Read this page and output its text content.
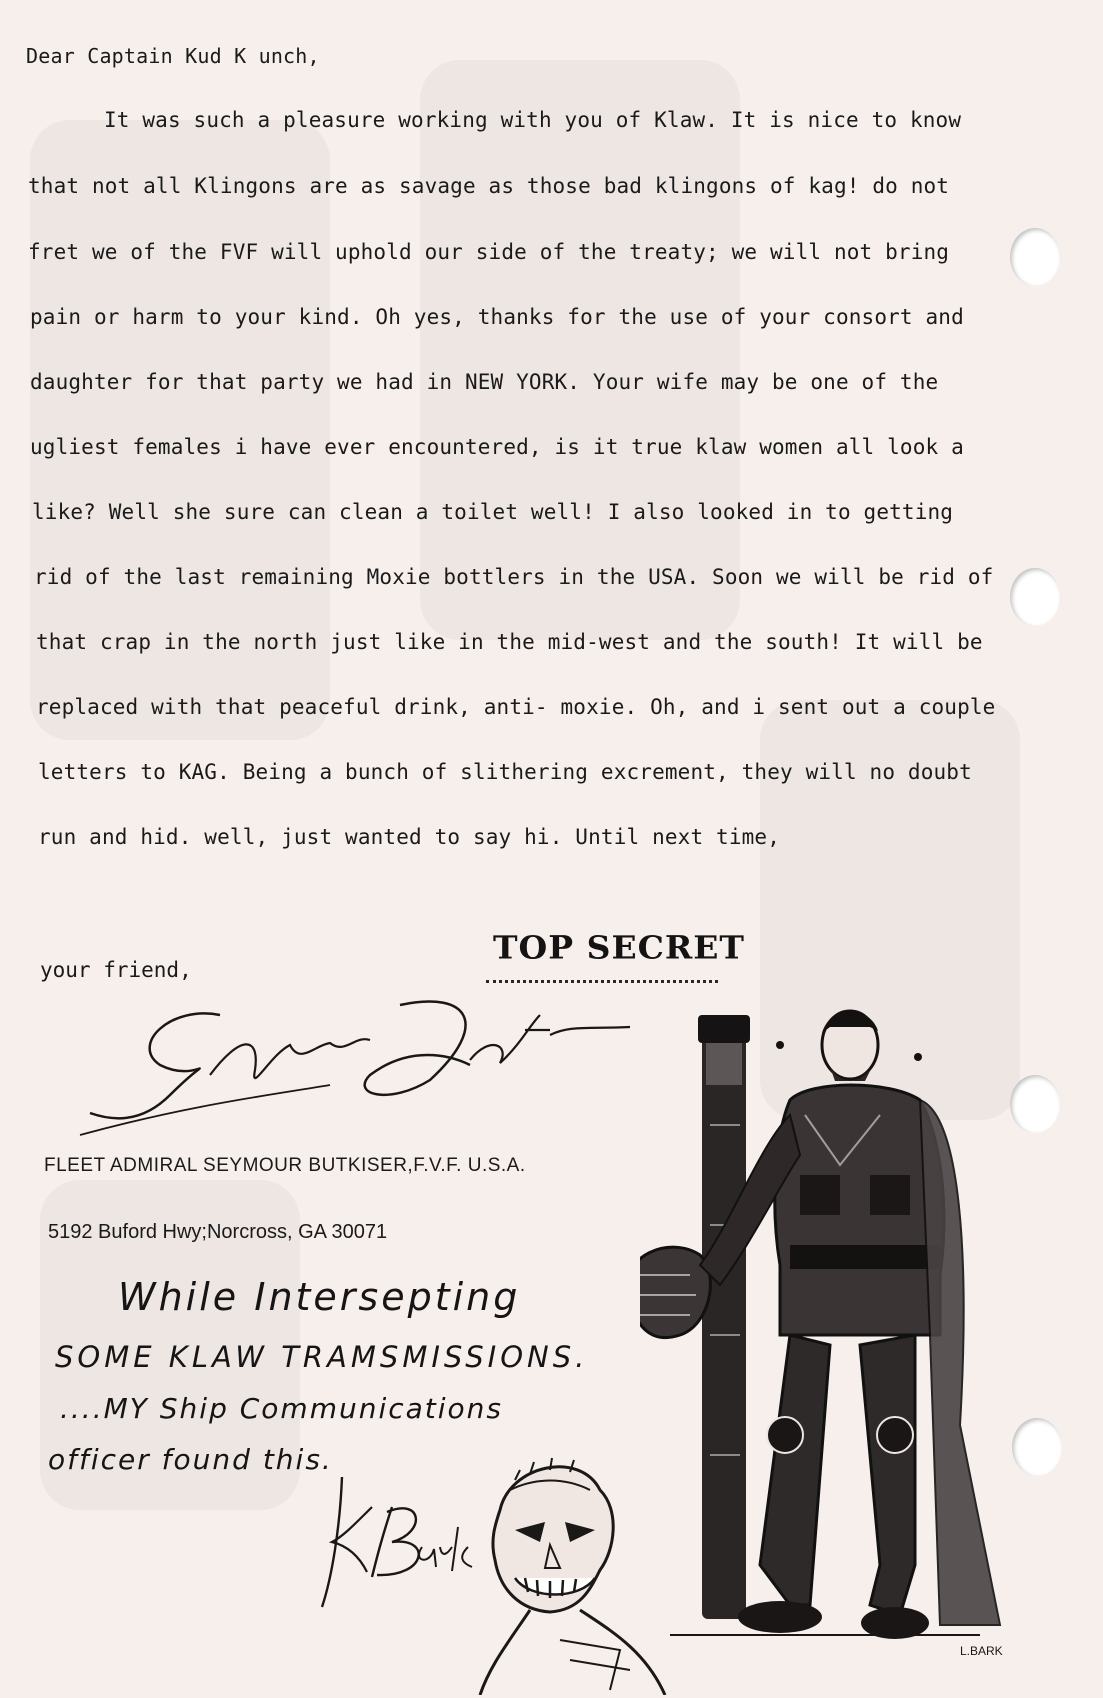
Dear Captain Kud K unch,
It was such a pleasure working with you of Klaw. It is nice to know
that not all Klingons are as savage as those bad klingons of kag! do not
fret we of the FVF will uphold our side of the treaty; we will not bring
pain or harm to your kind. Oh yes, thanks for the use of your consort and
daughter for that party we had in NEW YORK. Your wife may be one of the
ugliest females i have ever encountered, is it true klaw women all look a
like? Well she sure can clean a toilet well! I also looked in to getting
rid of the last remaining Moxie bottlers in the USA. Soon we will be rid of
that crap in the north just like in the mid-west and the south! It will be
replaced with that peaceful drink, anti- moxie. Oh, and i sent out a couple
letters to KAG. Being a bunch of slithering excrement, they will no doubt
run and hid. well, just wanted to say hi. Until next time,
your friend,
TOP SECRET
FLEET ADMIRAL SEYMOUR BUTKISER,F.V.F. U.S.A.
5192 Buford Hwy;Norcross, GA 30071
While Intersepting
SOME KLAW TRAMSMISSIONS.
....MY Ship Communications
officer found this.
L.BARK
